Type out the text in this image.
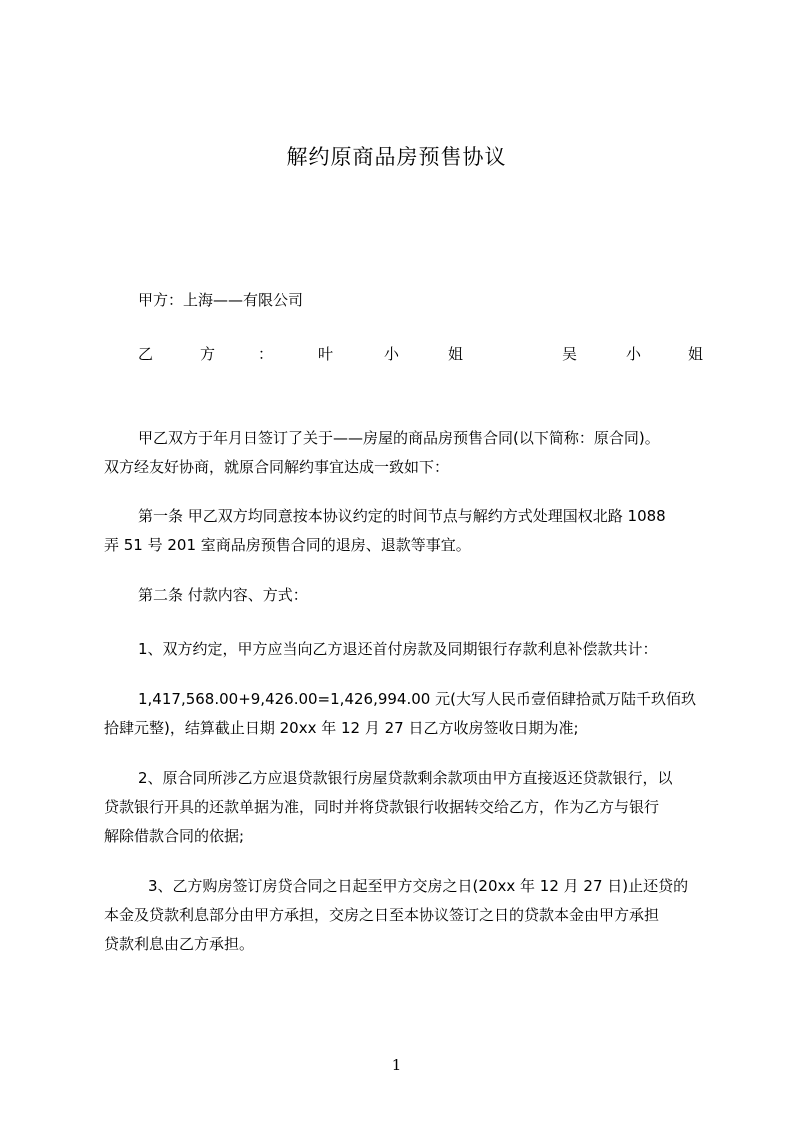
解约原商品房预售协议
甲方：上海——有限公司
乙	方	：	叶	小	姐	吴	小	姐
甲乙双方于年月日签订了关于——房屋的商品房预售合同(以下简称：原合同)。
双方经友好协商，就原合同解约事宜达成一致如下：
第一条 甲乙双方均同意按本协议约定的时间节点与解约方式处理国权北路 1088
弄 51 号 201 室商品房预售合同的退房、退款等事宜。
第二条 付款内容、方式：
1、双方约定，甲方应当向乙方退还首付房款及同期银行存款利息补偿款共计：
1,417,568.00+9,426.00=1,426,994.00 元(大写人民币壹佰肆拾贰万陆千玖佰玖
拾肆元整)，结算截止日期 20xx 年 12 月 27 日乙方收房签收日期为准;
2、原合同所涉乙方应退贷款银行房屋贷款剩余款项由甲方直接返还贷款银行，以
贷款银行开具的还款单据为准，同时并将贷款银行收据转交给乙方，作为乙方与银行
解除借款合同的依据;
3、乙方购房签订房贷合同之日起至甲方交房之日(20xx 年 12 月 27 日)止还贷的
本金及贷款利息部分由甲方承担，交房之日至本协议签订之日的贷款本金由甲方承担
贷款利息由乙方承担。
1
